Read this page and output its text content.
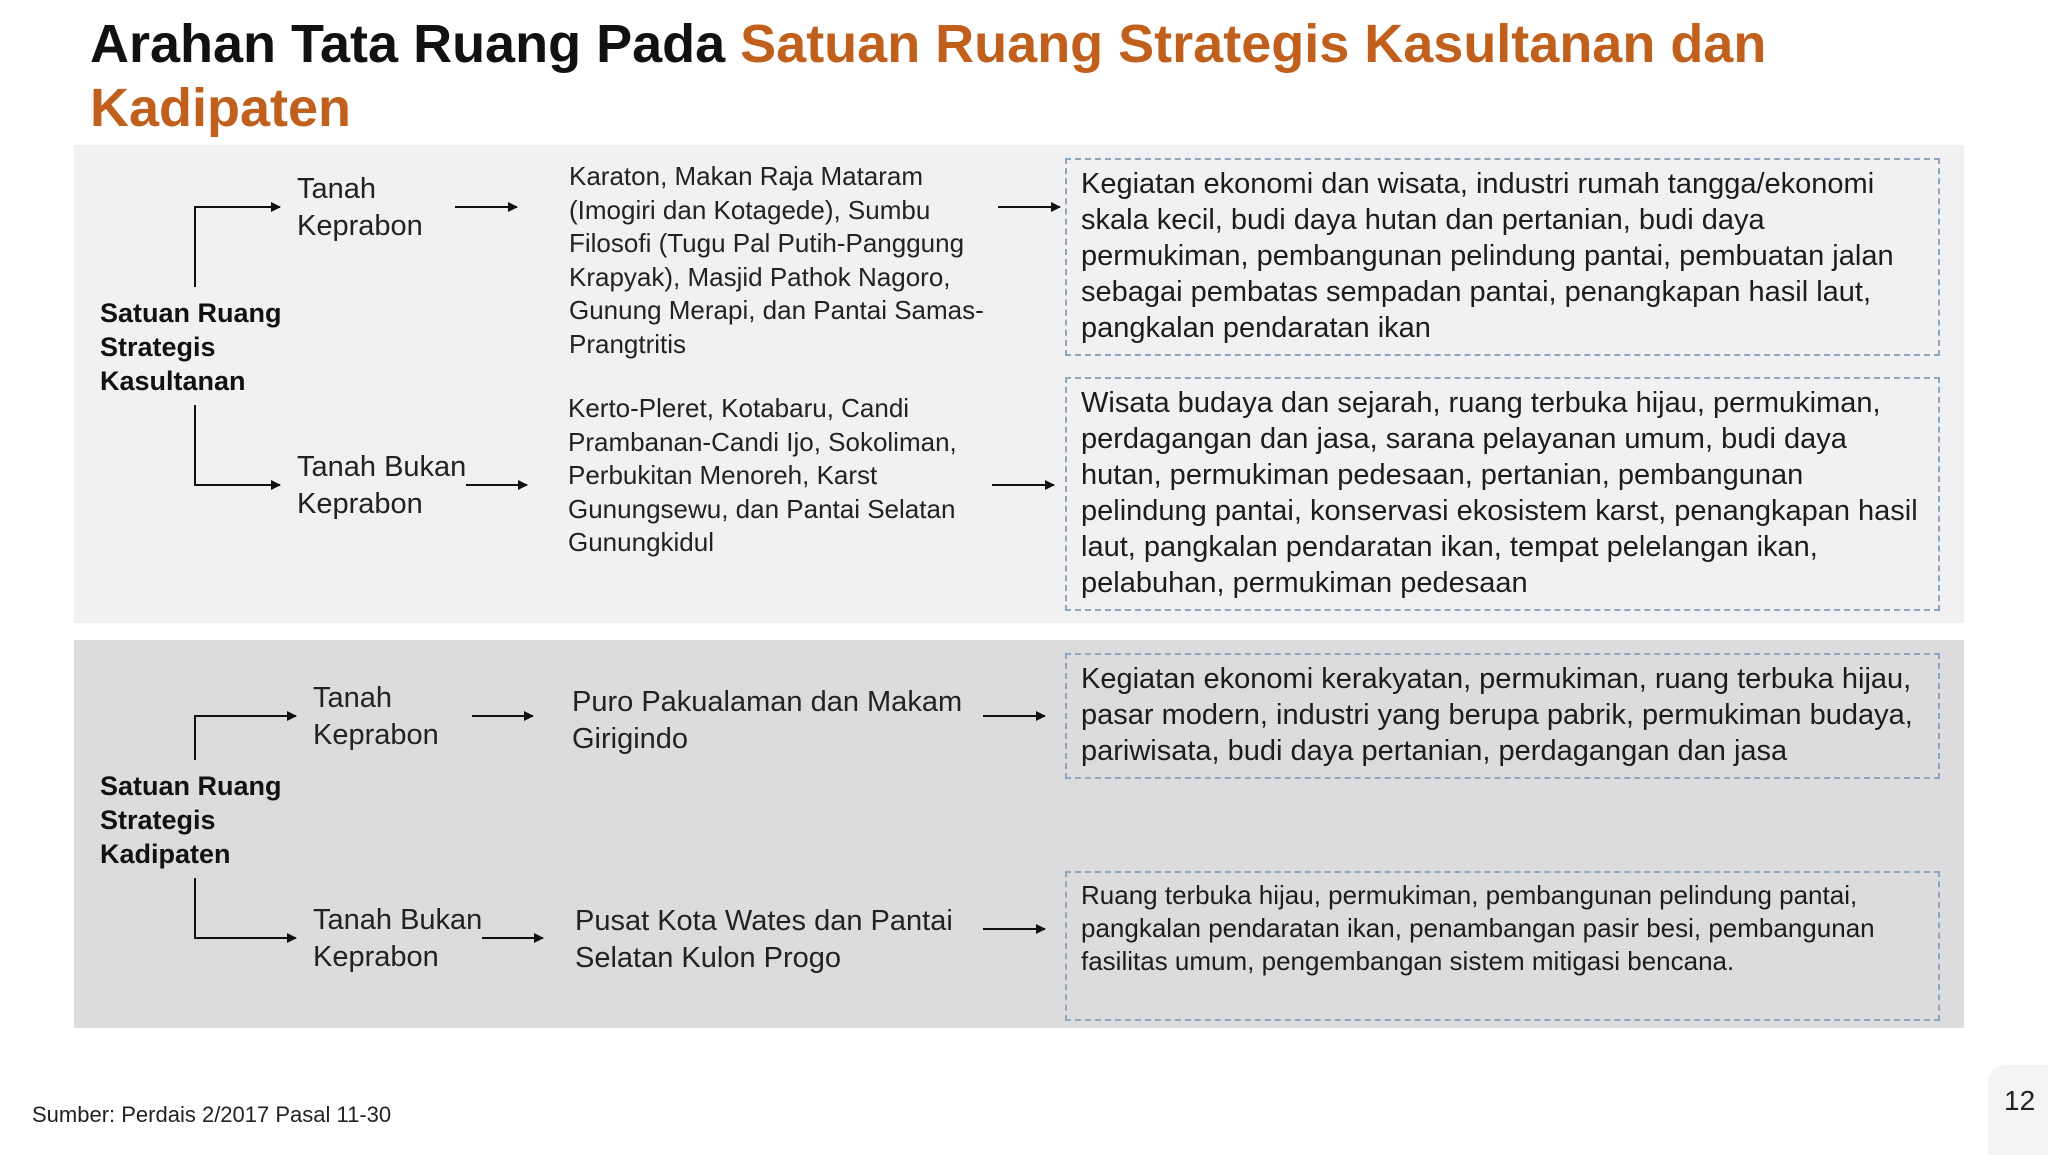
Arahan Tata Ruang Pada Satuan Ruang Strategis Kasultanan dan Kadipaten

Satuan Ruang Strategis Kasultanan

Tanah Keprabon

Tanah Bukan Keprabon

Karaton, Makan Raja Mataram (Imogiri dan Kotagede), Sumbu Filosofi (Tugu Pal Putih-Panggung Krapyak), Masjid Pathok Nagoro, Gunung Merapi, dan Pantai Samas-Prangtritis

Kerto-Pleret, Kotabaru, Candi Prambanan-Candi Ijo, Sokoliman, Perbukitan Menoreh, Karst Gunungsewu, dan Pantai Selatan Gunungkidul

Kegiatan ekonomi dan wisata, industri rumah tangga/ekonomi skala kecil, budi daya hutan dan pertanian, budi daya permukiman, pembangunan pelindung pantai, pembuatan jalan sebagai pembatas sempadan pantai, penangkapan hasil laut, pangkalan pendaratan ikan

Wisata budaya dan sejarah, ruang terbuka hijau, permukiman, perdagangan dan jasa, sarana pelayanan umum, budi daya hutan, permukiman pedesaan, pertanian, pembangunan pelindung pantai, konservasi ekosistem karst, penangkapan hasil laut, pangkalan pendaratan ikan, tempat pelelangan ikan, pelabuhan, permukiman pedesaan

Satuan Ruang Strategis Kadipaten

Tanah Keprabon

Tanah Bukan Keprabon

Puro Pakualaman dan Makam Girigindo

Pusat Kota Wates dan Pantai Selatan Kulon Progo

Kegiatan ekonomi kerakyatan, permukiman, ruang terbuka hijau, pasar modern, industri yang berupa pabrik, permukiman budaya, pariwisata, budi daya pertanian, perdagangan dan jasa

Ruang terbuka hijau, permukiman, pembangunan pelindung pantai, pangkalan pendaratan ikan, penambangan pasir besi, pembangunan fasilitas umum, pengembangan sistem mitigasi bencana.

Sumber: Perdais 2/2017 Pasal 11-30	12
